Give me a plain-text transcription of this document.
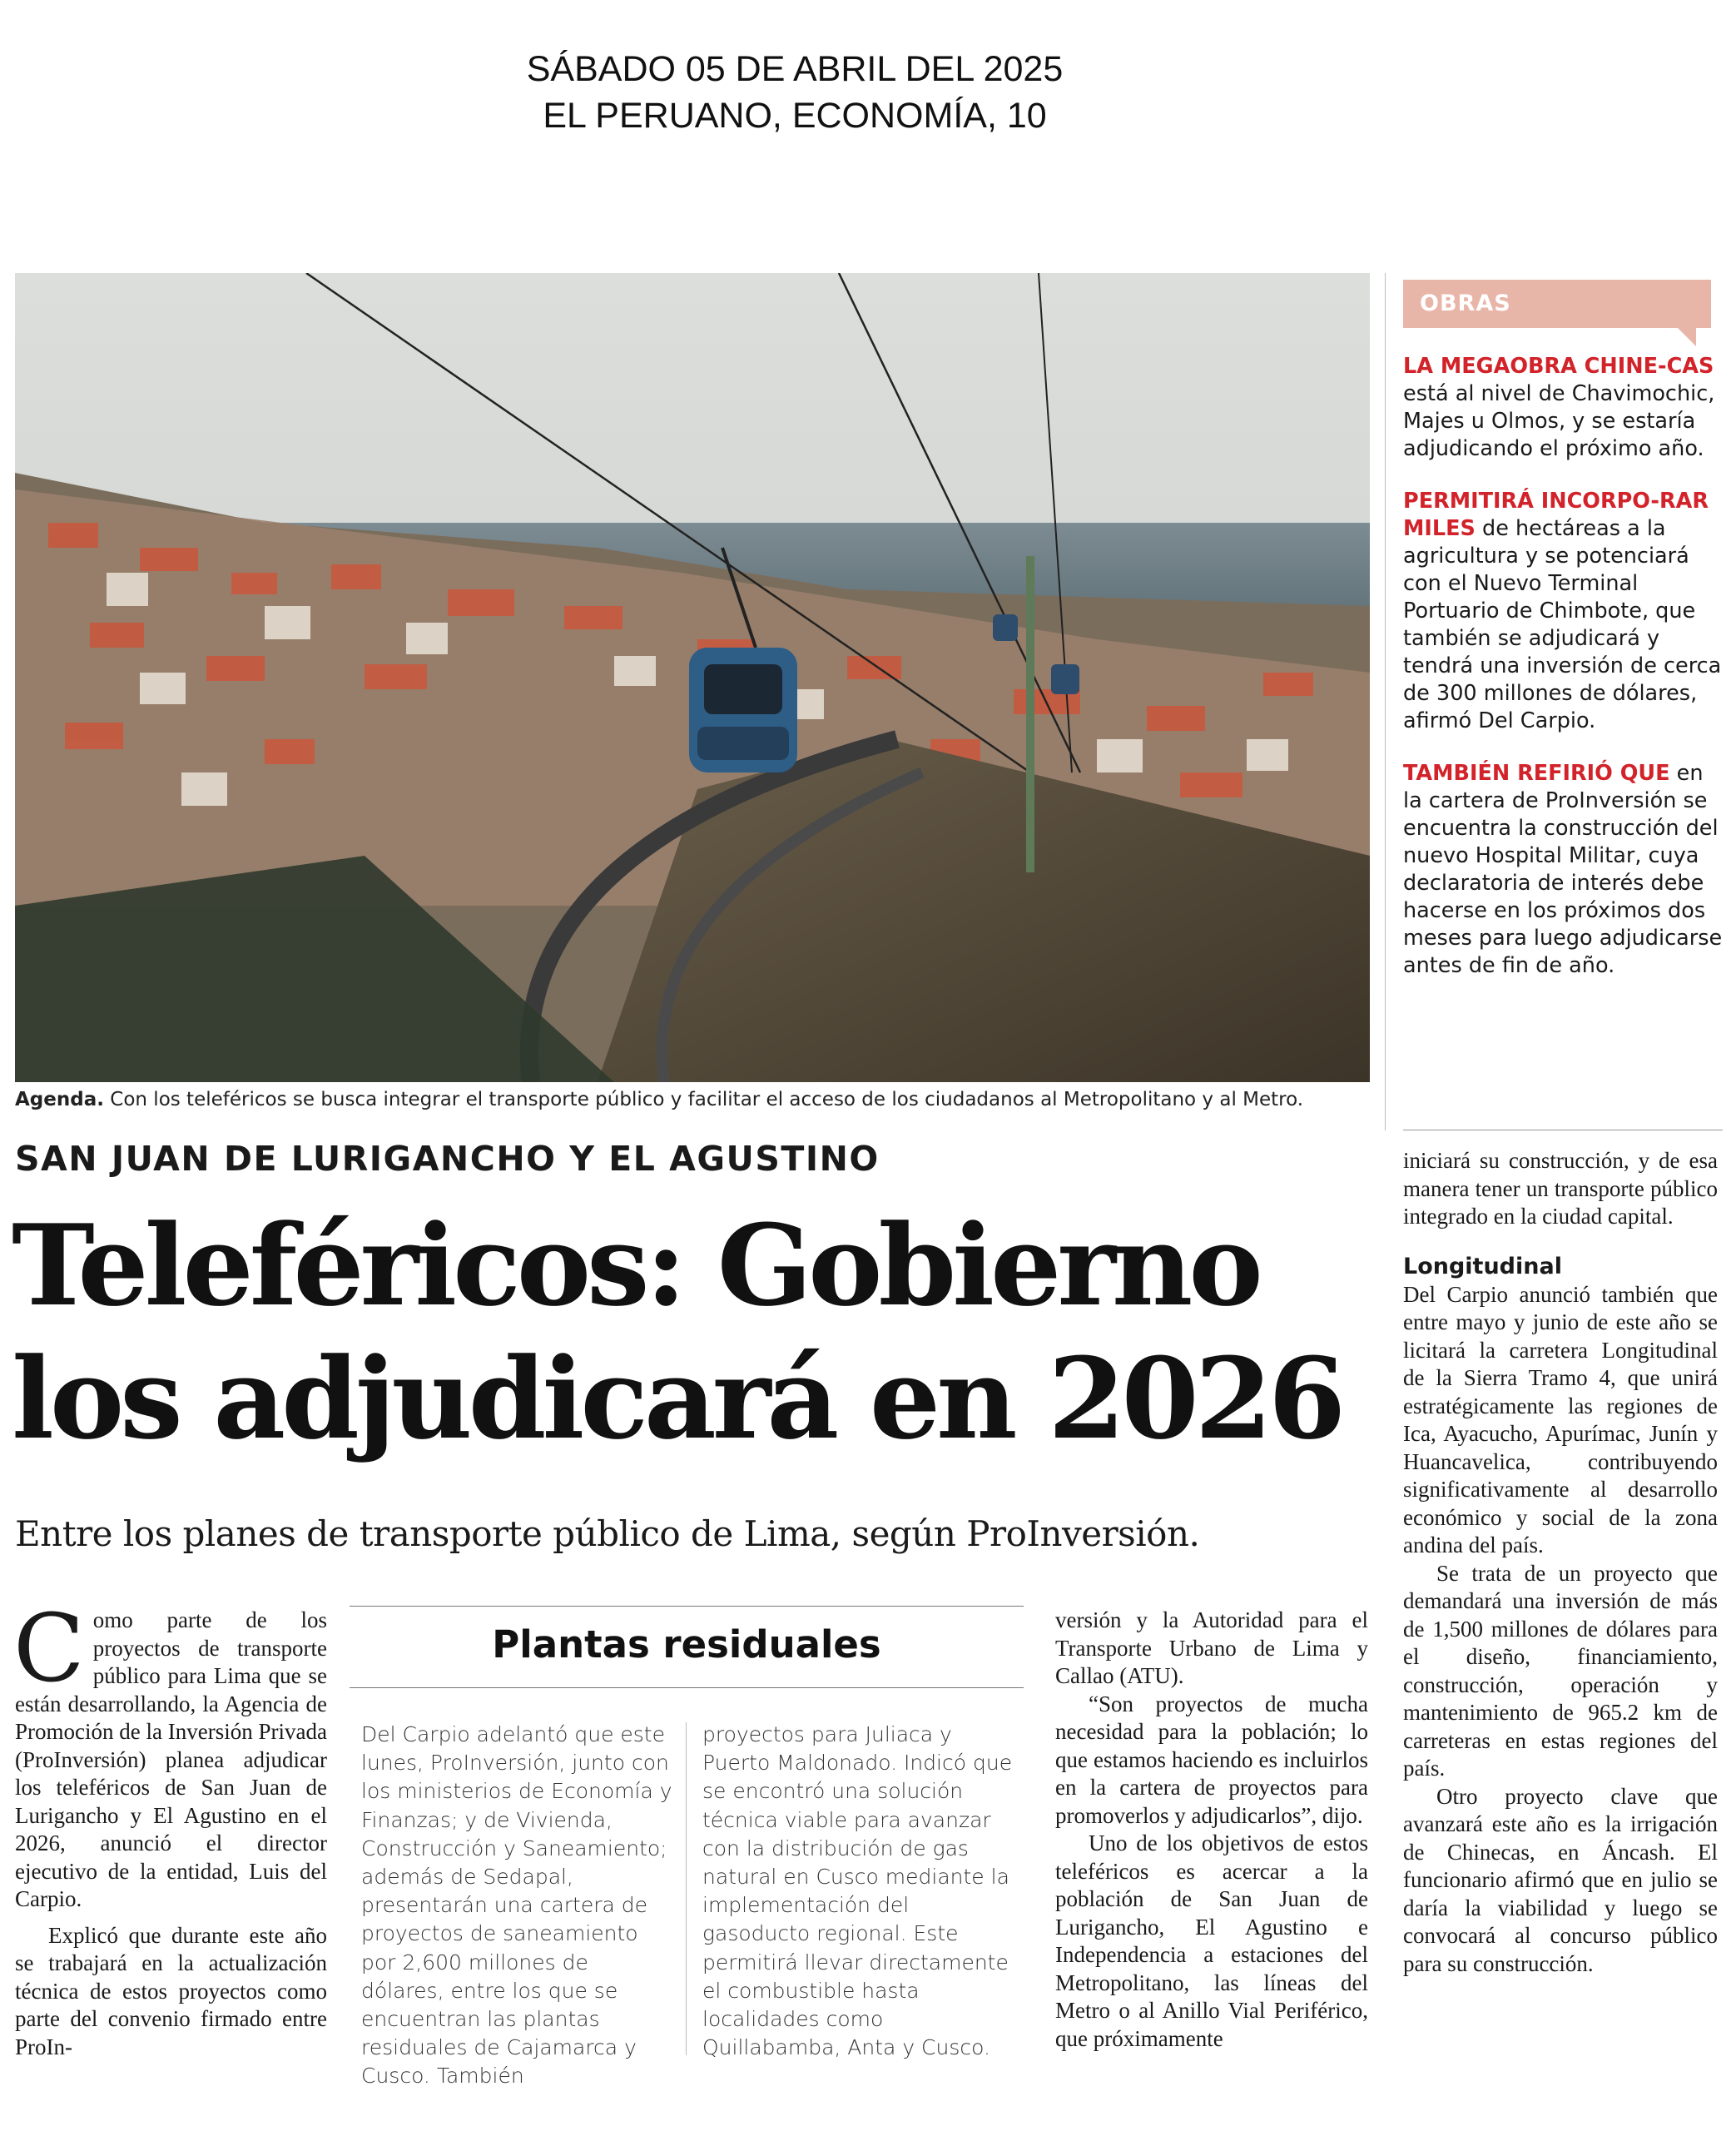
SÁBADO 05 DE ABRIL DEL 2025
EL PERUANO, ECONOMÍA, 10
Agenda. Con los teleféricos se busca integrar el transporte público y facilitar el acceso de los ciudadanos al Metropolitano y al Metro.
OBRAS
LA MEGAOBRA CHINE-CAS está al nivel de Chavimochic, Majes u Olmos, y se estaría adjudicando el próximo año.
PERMITIRÁ INCORPO-RAR MILES de hectáreas a la agricultura y se potenciará con el Nuevo Terminal Portuario de Chimbote, que también se adjudicará y tendrá una inversión de cerca de 300 millones de dólares, afirmó Del Carpio.
TAMBIÉN REFIRIÓ QUE en la cartera de ProInversión se encuentra la construcción del nuevo Hospital Militar, cuya declaratoria de interés debe hacerse en los próximos dos meses para luego adjudicarse antes de fin de año.
SAN JUAN DE LURIGANCHO Y EL AGUSTINO
Teleféricos: Gobierno
los adjudicará en 2026
Entre los planes de transporte público de Lima, según ProInversión.

Como parte de los proyectos de transporte público para Lima que se están desarrollando, la Agencia de Promoción de la Inversión Privada (ProInversión) planea adjudicar los teleféricos de San Juan de Lurigancho y El Agustino en el 2026, anunció el director ejecutivo de la entidad, Luis del Carpio.

Explicó que durante este año se trabajará en la actualización técnica de estos proyectos como parte del convenio firmado entre ProIn-

Plantas residuales
Del Carpio adelantó que este lunes, ProInversión, junto con los ministerios de Economía y Finanzas; y de Vivienda, Construcción y Saneamiento; además de Sedapal, presentarán una cartera de proyectos de saneamiento por 2,600 millones de dólares, entre los que se encuentran las plantas residuales de Cajamarca y Cusco. También
proyectos para Juliaca y Puerto Maldonado. Indicó que se encontró una solución técnica viable para avanzar con la distribución de gas natural en Cusco mediante la implementación del gasoducto regional. Este permitirá llevar directamente el combustible hasta localidades como Quillabamba, Anta y Cusco.

versión y la Autoridad para el Transporte Urbano de Lima y Callao (ATU).

“Son proyectos de mucha necesidad para la población; lo que estamos haciendo es incluirlos en la cartera de proyectos para promoverlos y adjudicarlos”, dijo.

Uno de los objetivos de estos teleféricos es acercar a la población de San Juan de Lurigancho, El Agustino e Independencia a estaciones del Metropolitano, las líneas del Metro o al Anillo Vial Periférico, que próximamente

iniciará su construcción, y de esa manera tener un transporte público integrado en la ciudad capital.

Longitudinal

Del Carpio anunció también que entre mayo y junio de este año se licitará la carretera Longitudinal de la Sierra Tramo 4, que unirá estratégicamente las regiones de Ica, Ayacucho, Apurímac, Junín y Huancavelica, contribuyendo significativamente al desarrollo económico y social de la zona andina del país.

Se trata de un proyecto que demandará una inversión de más de 1,500 millones de dólares para el diseño, financiamiento, construcción, operación y mantenimiento de 965.2 km de carreteras en estas regiones del país.

Otro proyecto clave que avanzará este año es la irrigación de Chinecas, en Áncash. El funcionario afirmó que en julio se daría la viabilidad y luego se convocará al concurso público para su construcción.
